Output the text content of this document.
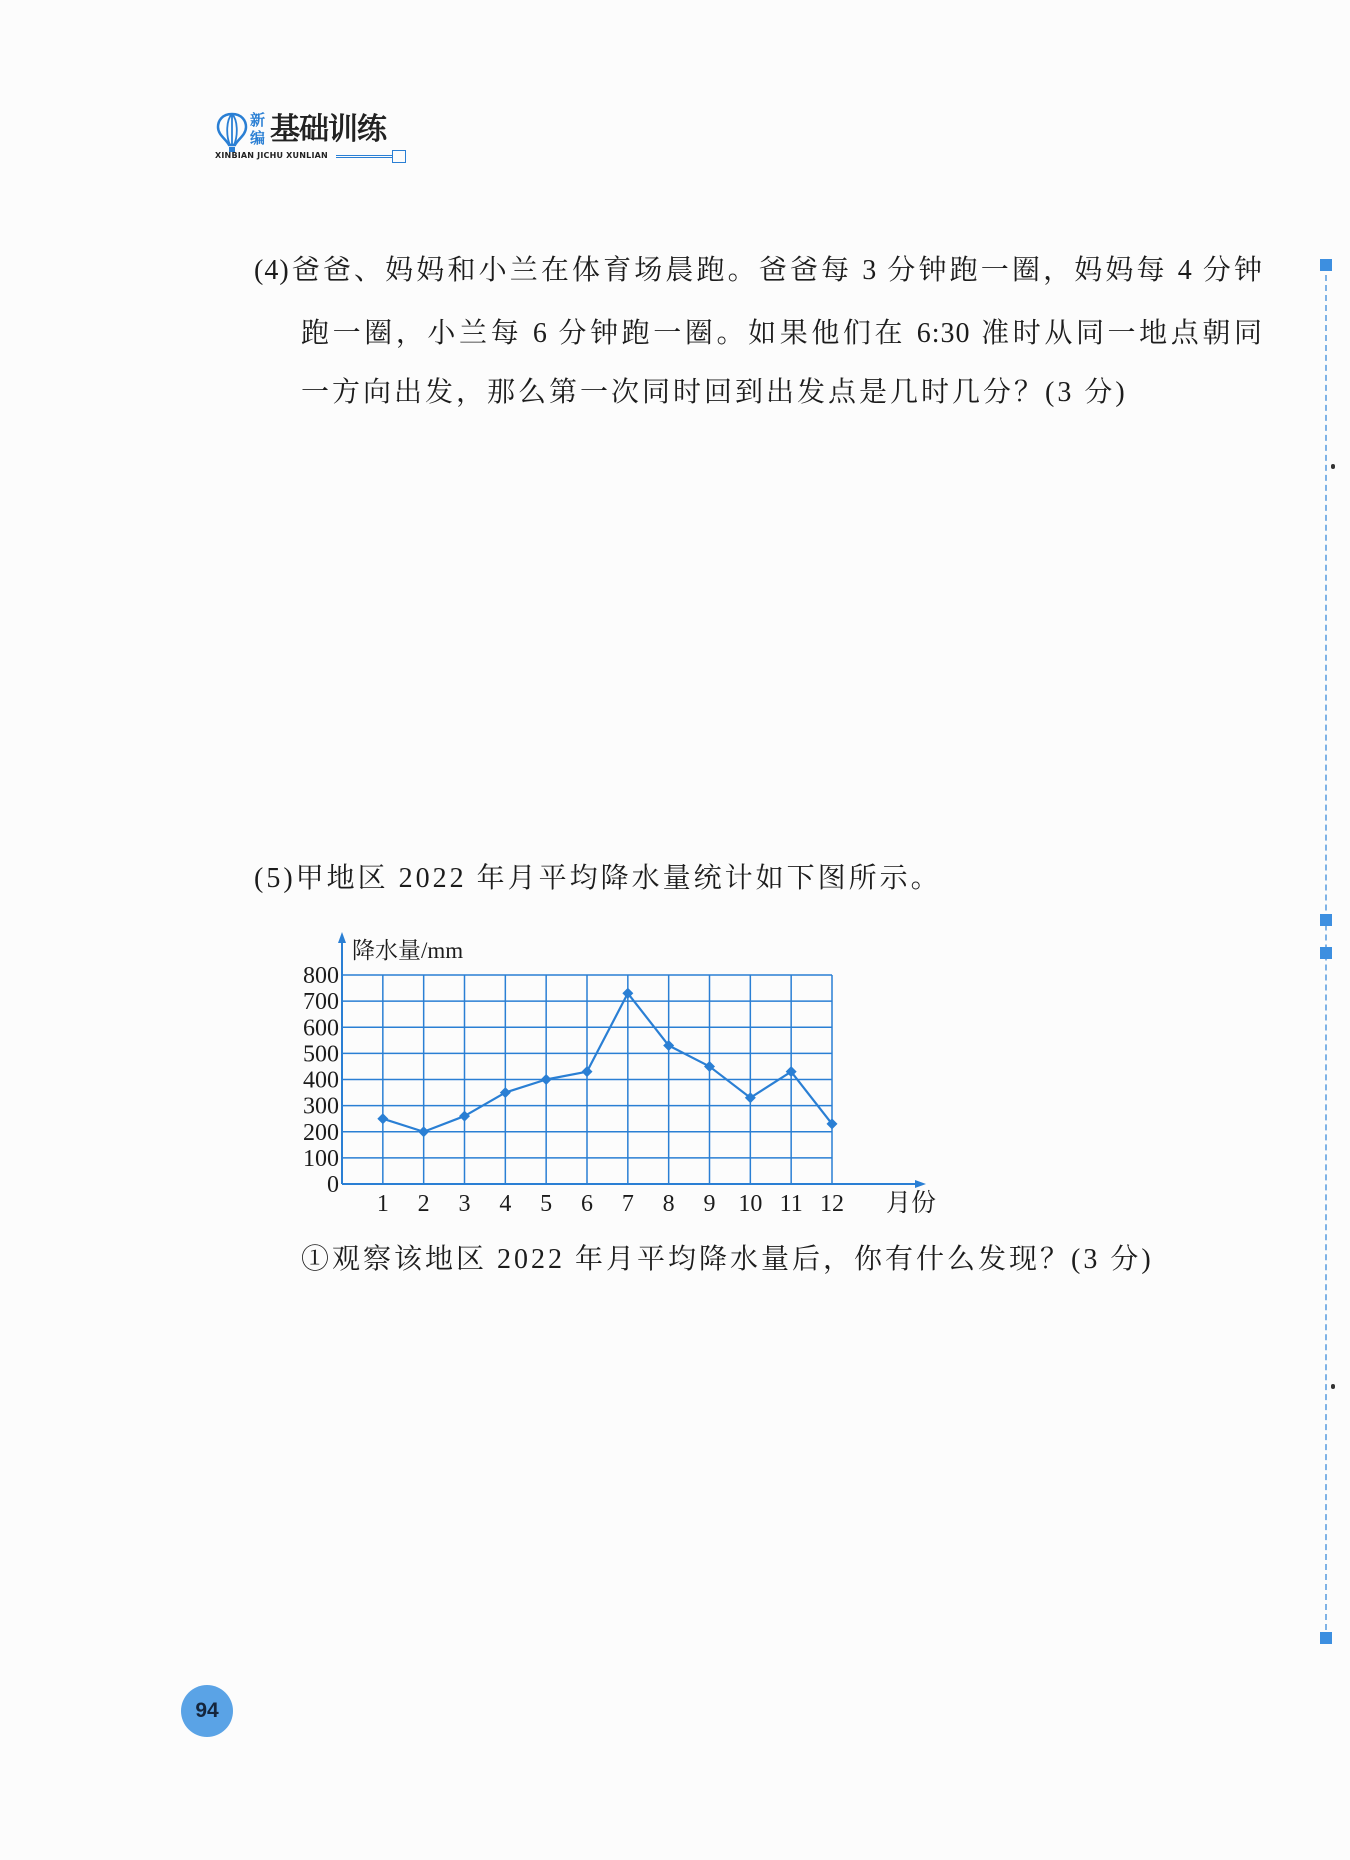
新
编 基础训练
XINBIAN JICHU XUNLIAN
(4)爸爸、妈妈和小兰在体育场晨跑。爸爸每 3 分钟跑一圈，妈妈每 4 分钟
跑一圈，小兰每 6 分钟跑一圈。如果他们在 6:30 准时从同一地点朝同
一方向出发，那么第一次同时回到出发点是几时几分？(3 分)
(5)甲地区 2022 年月平均降水量统计如下图所示。
降水量/mm
月份
0
100
200
300
400
500
600
700
800
1 2 3 4 5 6 7 8 9 10 11 12
①观察该地区 2022 年月平均降水量后，你有什么发现？(3 分)
94
